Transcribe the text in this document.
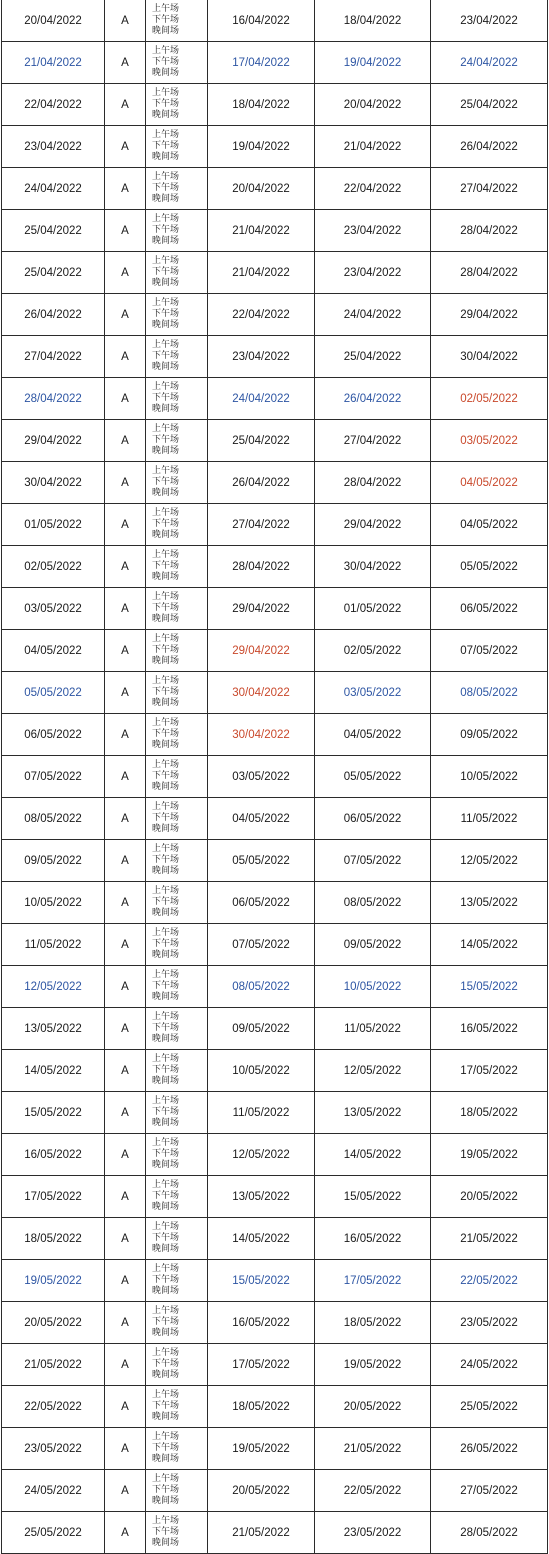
20/04/2022	A	上午场
下午场
晚间场	16/04/2022	18/04/2022	23/04/2022
21/04/2022	A	上午场
下午场
晚间场	17/04/2022	19/04/2022	24/04/2022
22/04/2022	A	上午场
下午场
晚间场	18/04/2022	20/04/2022	25/04/2022
23/04/2022	A	上午场
下午场
晚间场	19/04/2022	21/04/2022	26/04/2022
24/04/2022	A	上午场
下午场
晚间场	20/04/2022	22/04/2022	27/04/2022
25/04/2022	A	上午场
下午场
晚间场	21/04/2022	23/04/2022	28/04/2022
25/04/2022	A	上午场
下午场
晚间场	21/04/2022	23/04/2022	28/04/2022
26/04/2022	A	上午场
下午场
晚间场	22/04/2022	24/04/2022	29/04/2022
27/04/2022	A	上午场
下午场
晚间场	23/04/2022	25/04/2022	30/04/2022
28/04/2022	A	上午场
下午场
晚间场	24/04/2022	26/04/2022	02/05/2022
29/04/2022	A	上午场
下午场
晚间场	25/04/2022	27/04/2022	03/05/2022
30/04/2022	A	上午场
下午场
晚间场	26/04/2022	28/04/2022	04/05/2022
01/05/2022	A	上午场
下午场
晚间场	27/04/2022	29/04/2022	04/05/2022
02/05/2022	A	上午场
下午场
晚间场	28/04/2022	30/04/2022	05/05/2022
03/05/2022	A	上午场
下午场
晚间场	29/04/2022	01/05/2022	06/05/2022
04/05/2022	A	上午场
下午场
晚间场	29/04/2022	02/05/2022	07/05/2022
05/05/2022	A	上午场
下午场
晚间场	30/04/2022	03/05/2022	08/05/2022
06/05/2022	A	上午场
下午场
晚间场	30/04/2022	04/05/2022	09/05/2022
07/05/2022	A	上午场
下午场
晚间场	03/05/2022	05/05/2022	10/05/2022
08/05/2022	A	上午场
下午场
晚间场	04/05/2022	06/05/2022	11/05/2022
09/05/2022	A	上午场
下午场
晚间场	05/05/2022	07/05/2022	12/05/2022
10/05/2022	A	上午场
下午场
晚间场	06/05/2022	08/05/2022	13/05/2022
11/05/2022	A	上午场
下午场
晚间场	07/05/2022	09/05/2022	14/05/2022
12/05/2022	A	上午场
下午场
晚间场	08/05/2022	10/05/2022	15/05/2022
13/05/2022	A	上午场
下午场
晚间场	09/05/2022	11/05/2022	16/05/2022
14/05/2022	A	上午场
下午场
晚间场	10/05/2022	12/05/2022	17/05/2022
15/05/2022	A	上午场
下午场
晚间场	11/05/2022	13/05/2022	18/05/2022
16/05/2022	A	上午场
下午场
晚间场	12/05/2022	14/05/2022	19/05/2022
17/05/2022	A	上午场
下午场
晚间场	13/05/2022	15/05/2022	20/05/2022
18/05/2022	A	上午场
下午场
晚间场	14/05/2022	16/05/2022	21/05/2022
19/05/2022	A	上午场
下午场
晚间场	15/05/2022	17/05/2022	22/05/2022
20/05/2022	A	上午场
下午场
晚间场	16/05/2022	18/05/2022	23/05/2022
21/05/2022	A	上午场
下午场
晚间场	17/05/2022	19/05/2022	24/05/2022
22/05/2022	A	上午场
下午场
晚间场	18/05/2022	20/05/2022	25/05/2022
23/05/2022	A	上午场
下午场
晚间场	19/05/2022	21/05/2022	26/05/2022
24/05/2022	A	上午场
下午场
晚间场	20/05/2022	22/05/2022	27/05/2022
25/05/2022	A	上午场
下午场
晚间场	21/05/2022	23/05/2022	28/05/2022
